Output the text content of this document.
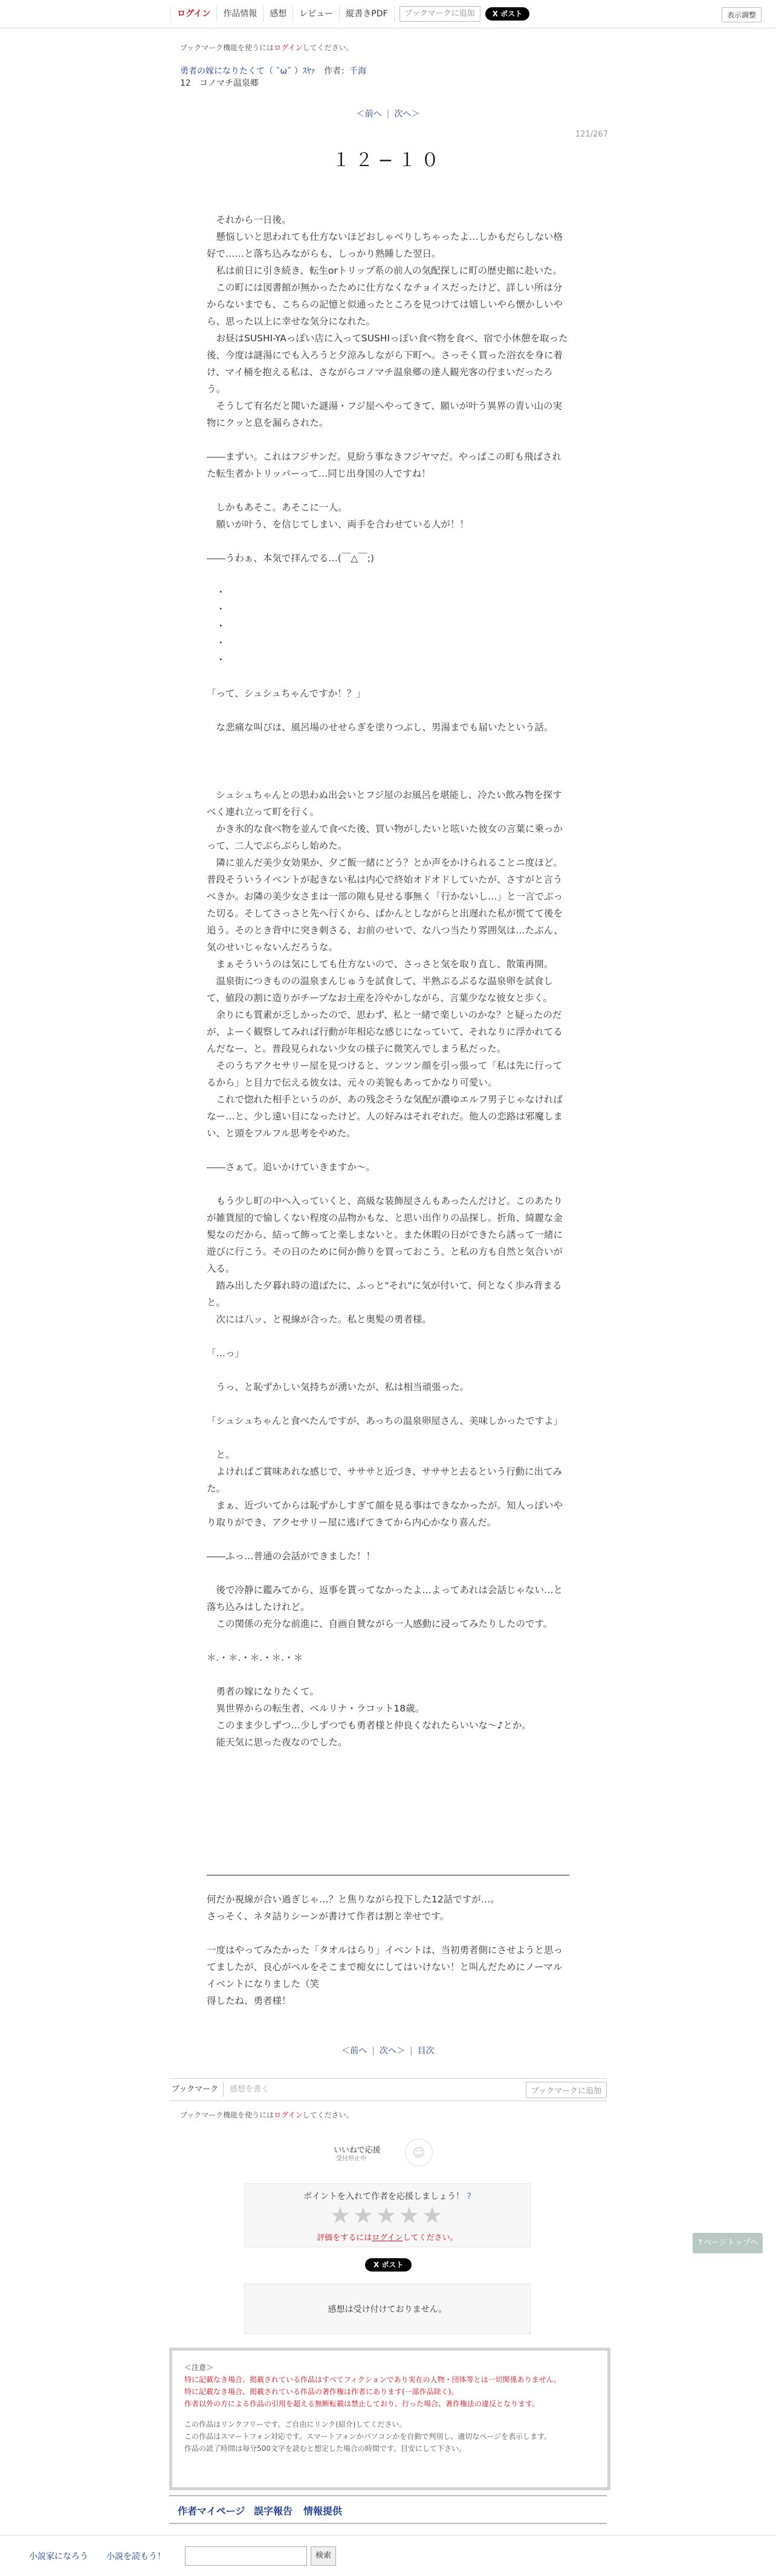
ログイン	作品情報	感想	レビュー	縦書きPDF	ブックマークに追加	X ポスト	表示調整
ブックマーク機能を使うにはログインしてください。
勇者の嫁になりたくて（ ˘ω˘ ）ｽﾔｧ 作者：千海
12　コノマチ温泉郷
＜前へ | 次へ＞
121/267
１２−１０

　それから一日後。

　懸悩しいと思われても仕方ないほどおしゃべりしちゃったよ…しかもだらしない格好で……と落ち込みながらも、しっかり熟睡した翌日。

　私は前日に引き続き、転生orトリップ系の前人の気配探しに町の歴史館に赴いた。

　この町には図書館が無かったために仕方なくなチョイスだったけど、詳しい所は分からないまでも、こちらの記憶と似通ったところを見つけては嬉しいやら懐かしいやら、思った以上に幸せな気分になれた。

　お昼はSUSHI-YAっぽい店に入ってSUSHIっぽい食べ物を食べ、宿で小休憩を取った後、今度は謎湯にでも入ろうと夕涼みしながら下町へ。さっそく買った浴衣を身に着け、マイ桶を抱える私は、さながらコノマチ温泉郷の達人観光客の佇まいだったろう。

　そうして有名だと聞いた謎湯・フジ屋へやってきて、願いが叶う異界の青い山の実物にクッと息を漏らされた。

――まずい。これはフジサンだ。見紛う事なきフジヤマだ。やっぱこの町も飛ばされた転生者かトリッパーって…同じ出身国の人ですね！

　しかもあそこ。あそこに一人。

　願いが叶う、を信じてしまい、両手を合わせている人が！！

――うわぁ、本気で拝んでる…(￣△￣;)

　・

　・

　・

　・

　・

「って、シュシュちゃんですか！？」

　な悲痛な叫びは、風呂場のせせらぎを塗りつぶし、男湯までも届いたという話。

　シュシュちゃんとの思わぬ出会いとフジ屋のお風呂を堪能し、冷たい飲み物を探すべく連れ立って町を行く。

　かき氷的な食べ物を並んで食べた後、買い物がしたいと呟いた彼女の言葉に乗っかって、二人でぶらぶらし始めた。

　隣に並んだ美少女効果か、夕ご飯一緒にどう？とか声をかけられることニ度ほど。普段そういうイベントが起きない私は内心で終始オドオドしていたが、さすがと言うべきか。お隣の美少女さまは一部の隙も見せる事無く「行かないし…」と一言でぶった切る。そしてさっさと先へ行くから、ぱかんとしながらと出遅れた私が慌てて後を追う。そのとき背中に突き刺さる、お前のせいで、な八つ当たり雰囲気は…たぶん、気のせいじゃないんだろうな。

　まぁそういうのは気にしても仕方ないので、さっさと気を取り直し、散策再開。

　温泉街につきものの温泉まんじゅうを試食して、半熟ぷるぷるな温泉卵を試食して、値段の割に造りがチープなお土産を冷やかしながら、言葉少なな彼女と歩く。

　余りにも質素が乏しかったので、思わず、私と一緒で楽しいのかな？と疑ったのだが、よーく観察してみれば行動が年相応な感じになっていて、それなりに浮かれてるんだなー、と。普段見られない少女の様子に微笑んでしまう私だった。

　そのうちアクセサリー屋を見つけると、ツンツン顔を引っ張って「私は先に行ってるから」と目力で伝える彼女は、元々の美貌もあってかなり可愛い。

　これで惚れた相手というのが、あの残念そうな気配が濃ゆエルフ男子じゃなければなー…と、少し遠い目になったけど。人の好みはそれぞれだ。他人の恋路は邪魔しまい、と頭をフルフル思考をやめた。

――さぁて。追いかけていきますか～。

　もう少し町の中へ入っていくと、高級な装飾屋さんもあったんだけど。このあたりが雑貨屋的で愉しくない程度の品物かもな、と思い出作りの品探し。折角、綺麗な金髪なのだから、結って飾ってと楽しまないと。また休暇の日ができたら誘って一緒に遊びに行こう。その日のために何か飾りを買っておこう、と私の方も自然と気合いが入る。

　踏み出した夕暮れ時の道ばたに、ふっと"それ"に気が付いて、何となく歩み背まると。

　次には八ッ、と視線が合った。私と奥髪の勇者様。

「…っ」

　うっ、と恥ずかしい気持ちが湧いたが、私は相当頑張った。

「シュシュちゃんと食べたんですが、あっちの温泉卵屋さん、美味しかったですよ」

　と。

　よければご賞味あれな感じで、サササと近づき、サササと去るという行動に出てみた。

　まぁ、近づいてからは恥ずかしすぎて顔を見る事はできなかったが。知人っぽいやり取りができ、アクセサリー屋に逃げてきてから内心かなり喜んだ。

――ふっ…普通の会話ができました！！

　後で冷静に鑑みてから、返事を貰ってなかったよ…よってあれは会話じゃない…と落ち込みはしたけれど。

　この関係の充分な前進に、自画自賛ながら一人感動に浸ってみたりしたのです。

＊.・＊.・＊.・＊.・＊

　勇者の嫁になりたくて。

　異世界からの転生者、ベルリナ・ラコット18歳。

　このまま少しずつ…少しずつでも勇者様と仲良くなれたらいいな〜♪とか。

　能天気に思った夜なのでした。

何だか視線が合い過ぎじゃ…？と焦りながら投下した12話ですが…。

さっそく、ネタ詰りシーンが書けて作者は割と幸せです。

一度はやってみたかった「タオルはらり」イベントは、当初勇者側にさせようと思ってましたが、良心がベルをそこまで痴女にしてはいけない！と叫んだためにノーマルイベントになりました（笑

得したね、勇者様！

＜前へ | 次へ＞ | 目次
ブックマーク	感想を書く	ブックマークに追加
ブックマーク機能を使うにはログインしてください。
いいねで応援
受付停止中	☺
ポイントを入れて作者を応援しましょう！ ?
★★★★★
評価をするにはログインしてください。
X ポスト
感想は受け付けておりません。
↑ページトップへ

＜注意＞

特に記載なき場合、掲載されている作品はすべてフィクションであり実在の人物・団体等とは一切関係ありません。

特に記載なき場合、掲載されている作品の著作権は作者にあります(一部作品除く)。

作者以外の方による作品の引用を超える無断転載は禁止しており、行った場合、著作権法の違反となります。

この作品はリンクフリーです。ご自由にリンク(紹介)してください。

この作品はスマートフォン対応です。スマートフォンかパソコンかを自動で判別し、適切なページを表示します。

作品の読了時間は毎分500文字を読むと想定した場合の時間です。目安にして下さい。

作者マイページ 誤字報告 情報提供
小説家になろう 小説を読もう！	検索
